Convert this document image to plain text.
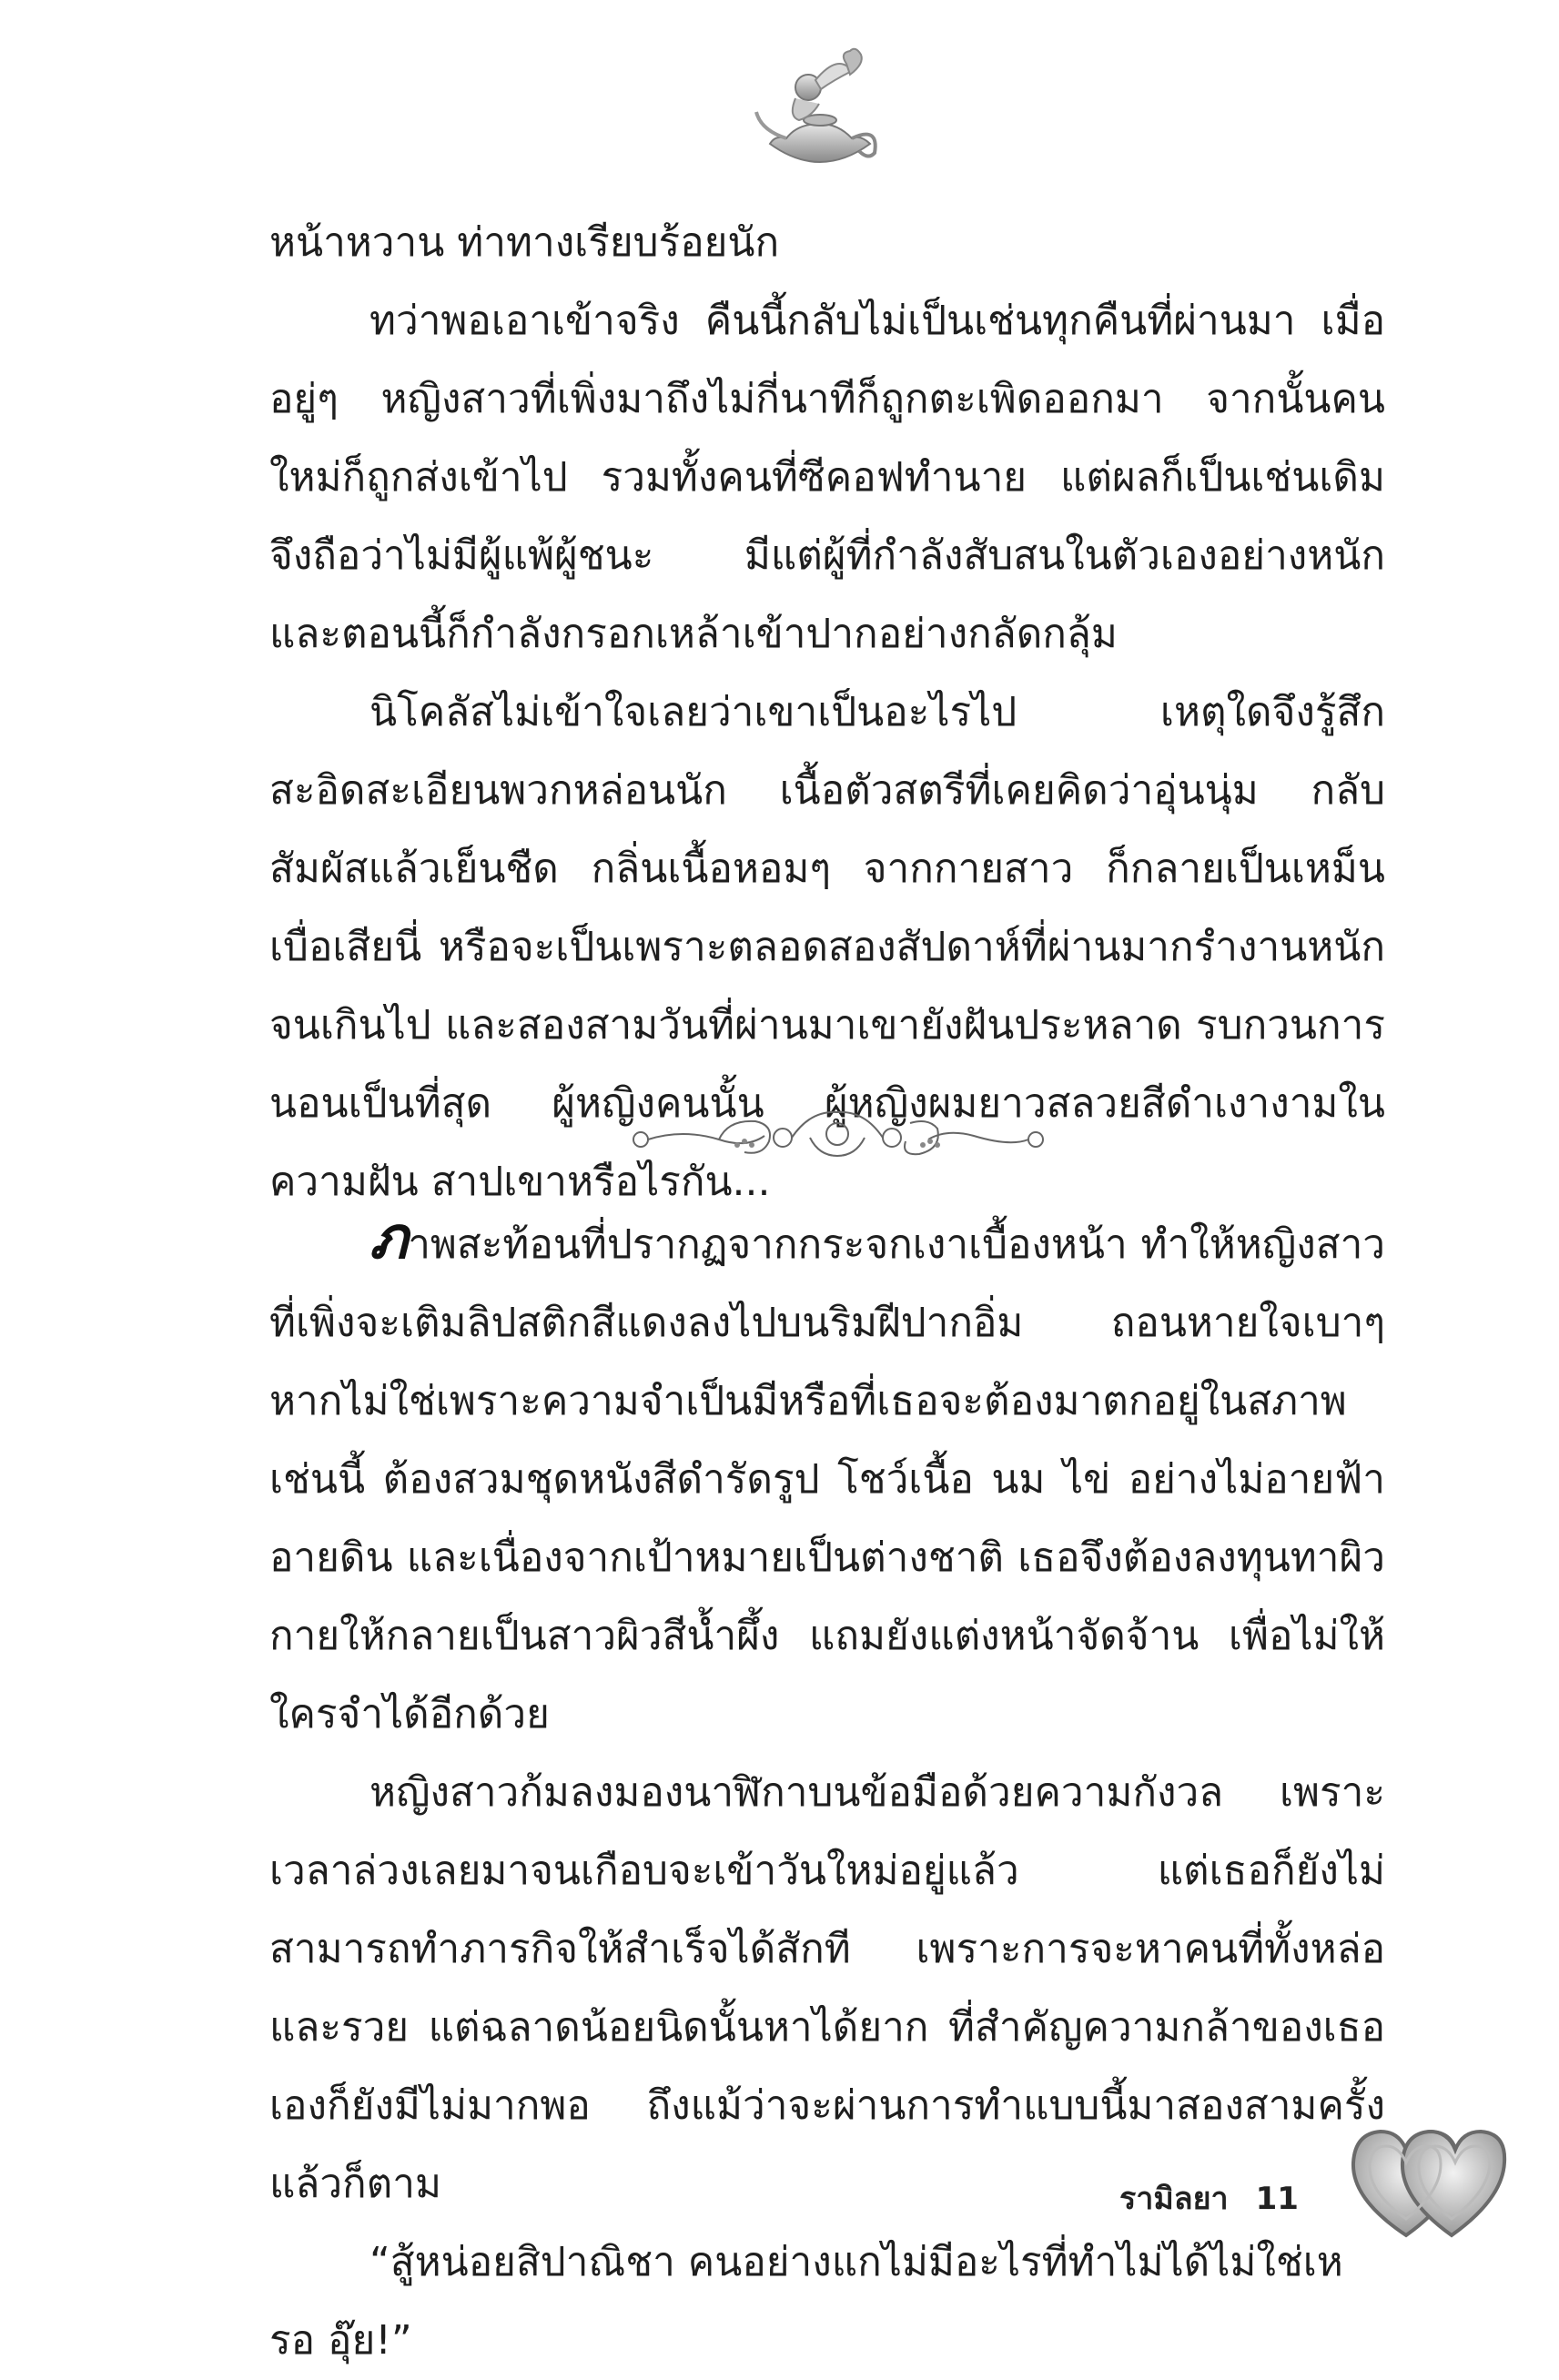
หน้าหวาน ท่าทางเรียบร้อยนัก

ทว่าพอเอาเข้าจริง คืนนี้กลับไม่เป็นเช่นทุกคืนที่ผ่านมา เมื่ออยู่ๆ หญิงสาวที่เพิ่งมาถึงไม่กี่นาทีก็ถูกตะเพิดออกมา จากนั้นคนใหม่ก็ถูกส่งเข้าไป รวมทั้งคนที่ซีคอฟทำนาย แต่ผลก็เป็นเช่นเดิม จึงถือว่าไม่มีผู้แพ้ผู้ชนะ มีแต่ผู้ที่กำลังสับสนในตัวเองอย่างหนัก และตอนนี้ก็กำลังกรอกเหล้าเข้าปากอย่างกลัดกลุ้ม

นิโคลัสไม่เข้าใจเลยว่าเขาเป็นอะไรไป เหตุใดจึงรู้สึกสะอิดสะเอียนพวกหล่อนนัก เนื้อตัวสตรีที่เคยคิดว่าอุ่นนุ่ม กลับสัมผัสแล้วเย็นชืด กลิ่นเนื้อหอมๆ จากกายสาว ก็กลายเป็นเหม็นเบื่อเสียนี่ หรือจะเป็นเพราะตลอดสองสัปดาห์ที่ผ่านมากรำงานหนักจนเกินไป และสองสามวันที่ผ่านมาเขายังฝันประหลาด รบกวนการนอนเป็นที่สุด ผู้หญิงคนนั้น ผู้หญิงผมยาวสลวยสีดำเงางามในความฝัน สาปเขาหรือไรกัน...

ภาพสะท้อนที่ปรากฏจากกระจกเงาเบื้องหน้า ทำให้หญิงสาวที่เพิ่งจะเติมลิปสติกสีแดงลงไปบนริมฝีปากอิ่ม ถอนหายใจเบาๆ หากไม่ใช่เพราะความจำเป็นมีหรือที่เธอจะต้องมาตกอยู่ในสภาพเช่นนี้ ต้องสวมชุดหนังสีดำรัดรูป โชว์เนื้อ นม ไข่ อย่างไม่อายฟ้าอายดิน และเนื่องจากเป้าหมายเป็นต่างชาติ เธอจึงต้องลงทุนทาผิวกายให้กลายเป็นสาวผิวสีน้ำผึ้ง แถมยังแต่งหน้าจัดจ้าน เพื่อไม่ให้ใครจำได้อีกด้วย

หญิงสาวก้มลงมองนาฬิกาบนข้อมือด้วยความกังวล เพราะเวลาล่วงเลยมาจนเกือบจะเข้าวันใหม่อยู่แล้ว แต่เธอก็ยังไม่สามารถทำภารกิจให้สำเร็จได้สักที เพราะการจะหาคนที่ทั้งหล่อและรวย แต่ฉลาดน้อยนิดนั้นหาได้ยาก ที่สำคัญความกล้าของเธอเองก็ยังมีไม่มากพอ ถึงแม้ว่าจะผ่านการทำแบบนี้มาสองสามครั้งแล้วก็ตาม

“สู้หน่อยสิปาณิชา คนอย่างแกไม่มีอะไรที่ทำไม่ได้ไม่ใช่เหรอ อุ๊ย!”

รามิลยา 11
